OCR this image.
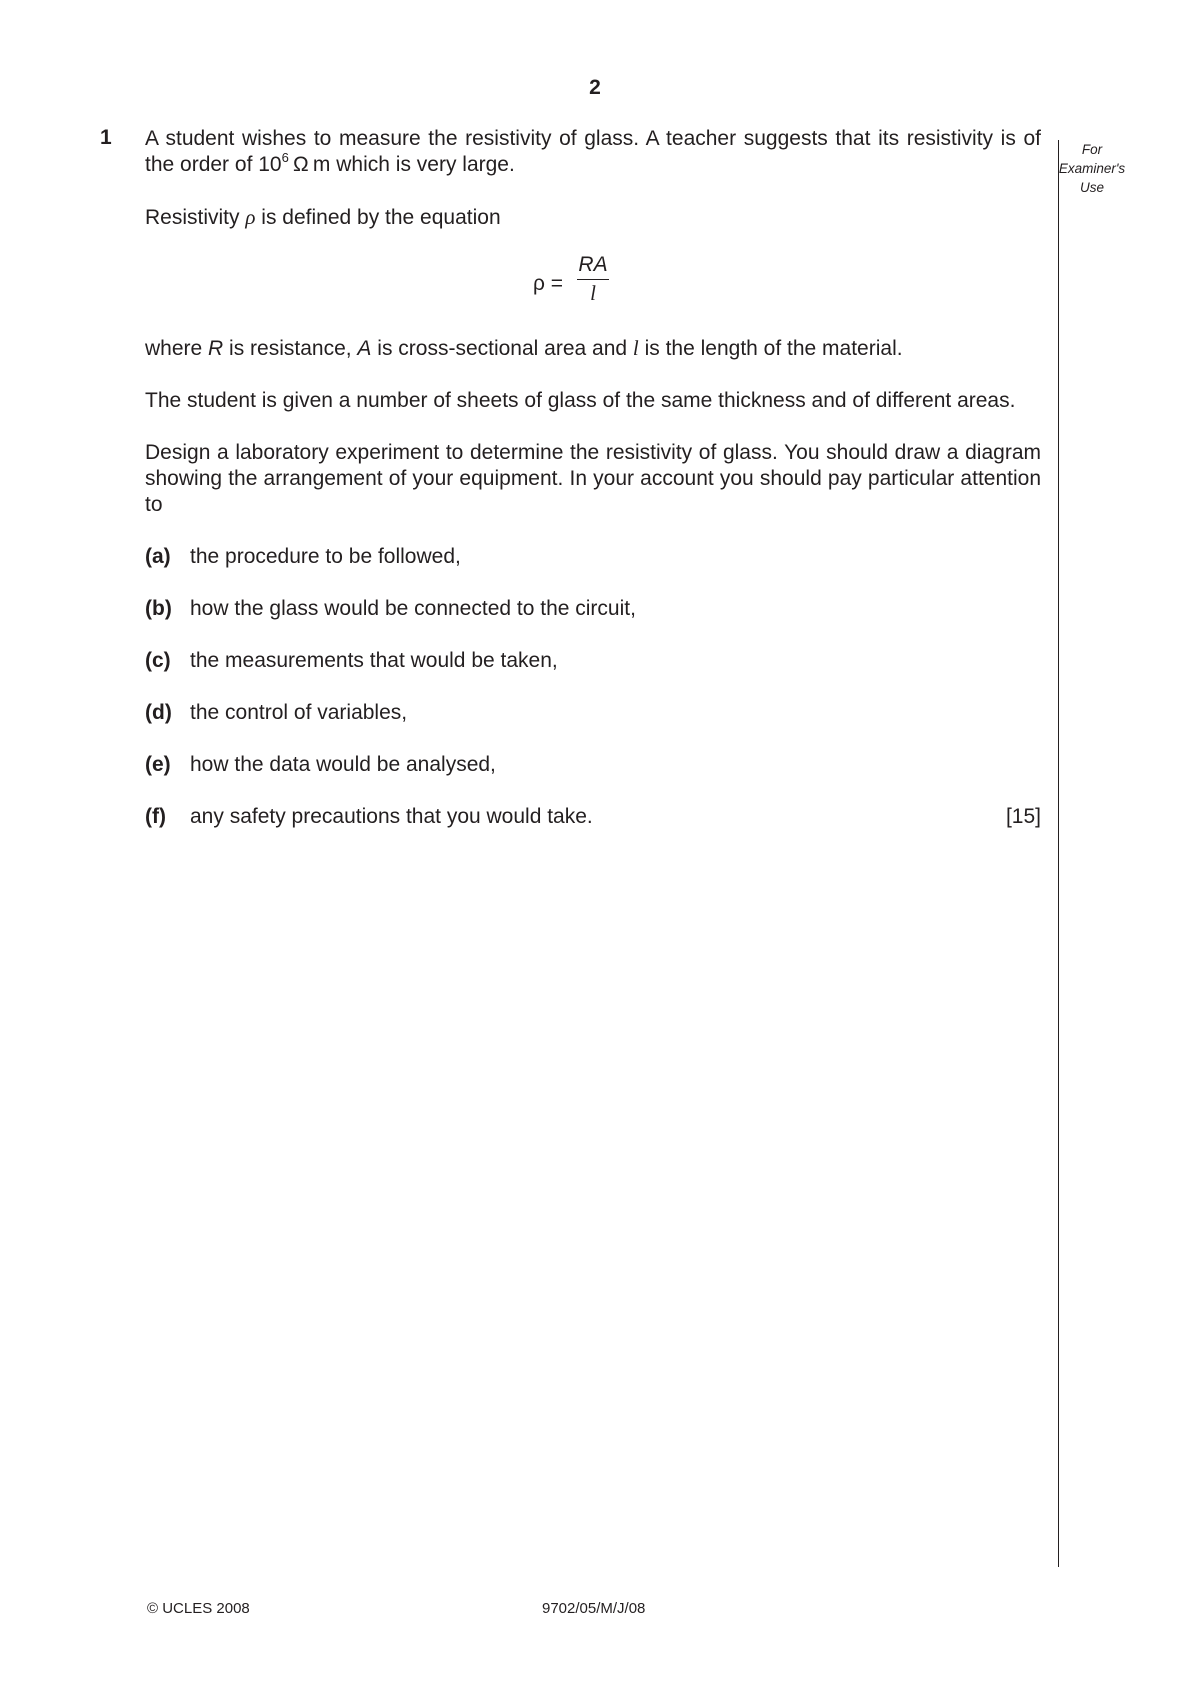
2
For
Examiner's
Use
1 A student wishes to measure the resistivity of glass. A teacher suggests that its resistivity is of the order of $10^6$ Ω m which is very large.

Resistivity ρ is defined by the equation

ρ =
RA
l

where R is resistance, A is cross-sectional area and l is the length of the material.

The student is given a number of sheets of glass of the same thickness and of different areas.

Design a laboratory experiment to determine the resistivity of glass. You should draw a diagram showing the arrangement of your equipment. In your account you should pay particular attention to

(a) the procedure to be followed,
(b) how the glass would be connected to the circuit,
(c) the measurements that would be taken,
(d) the control of variables,
(e) how the data would be analysed,
(f) any safety precautions that you would take.	[15]
© UCLES 2008	9702/05/M/J/08
